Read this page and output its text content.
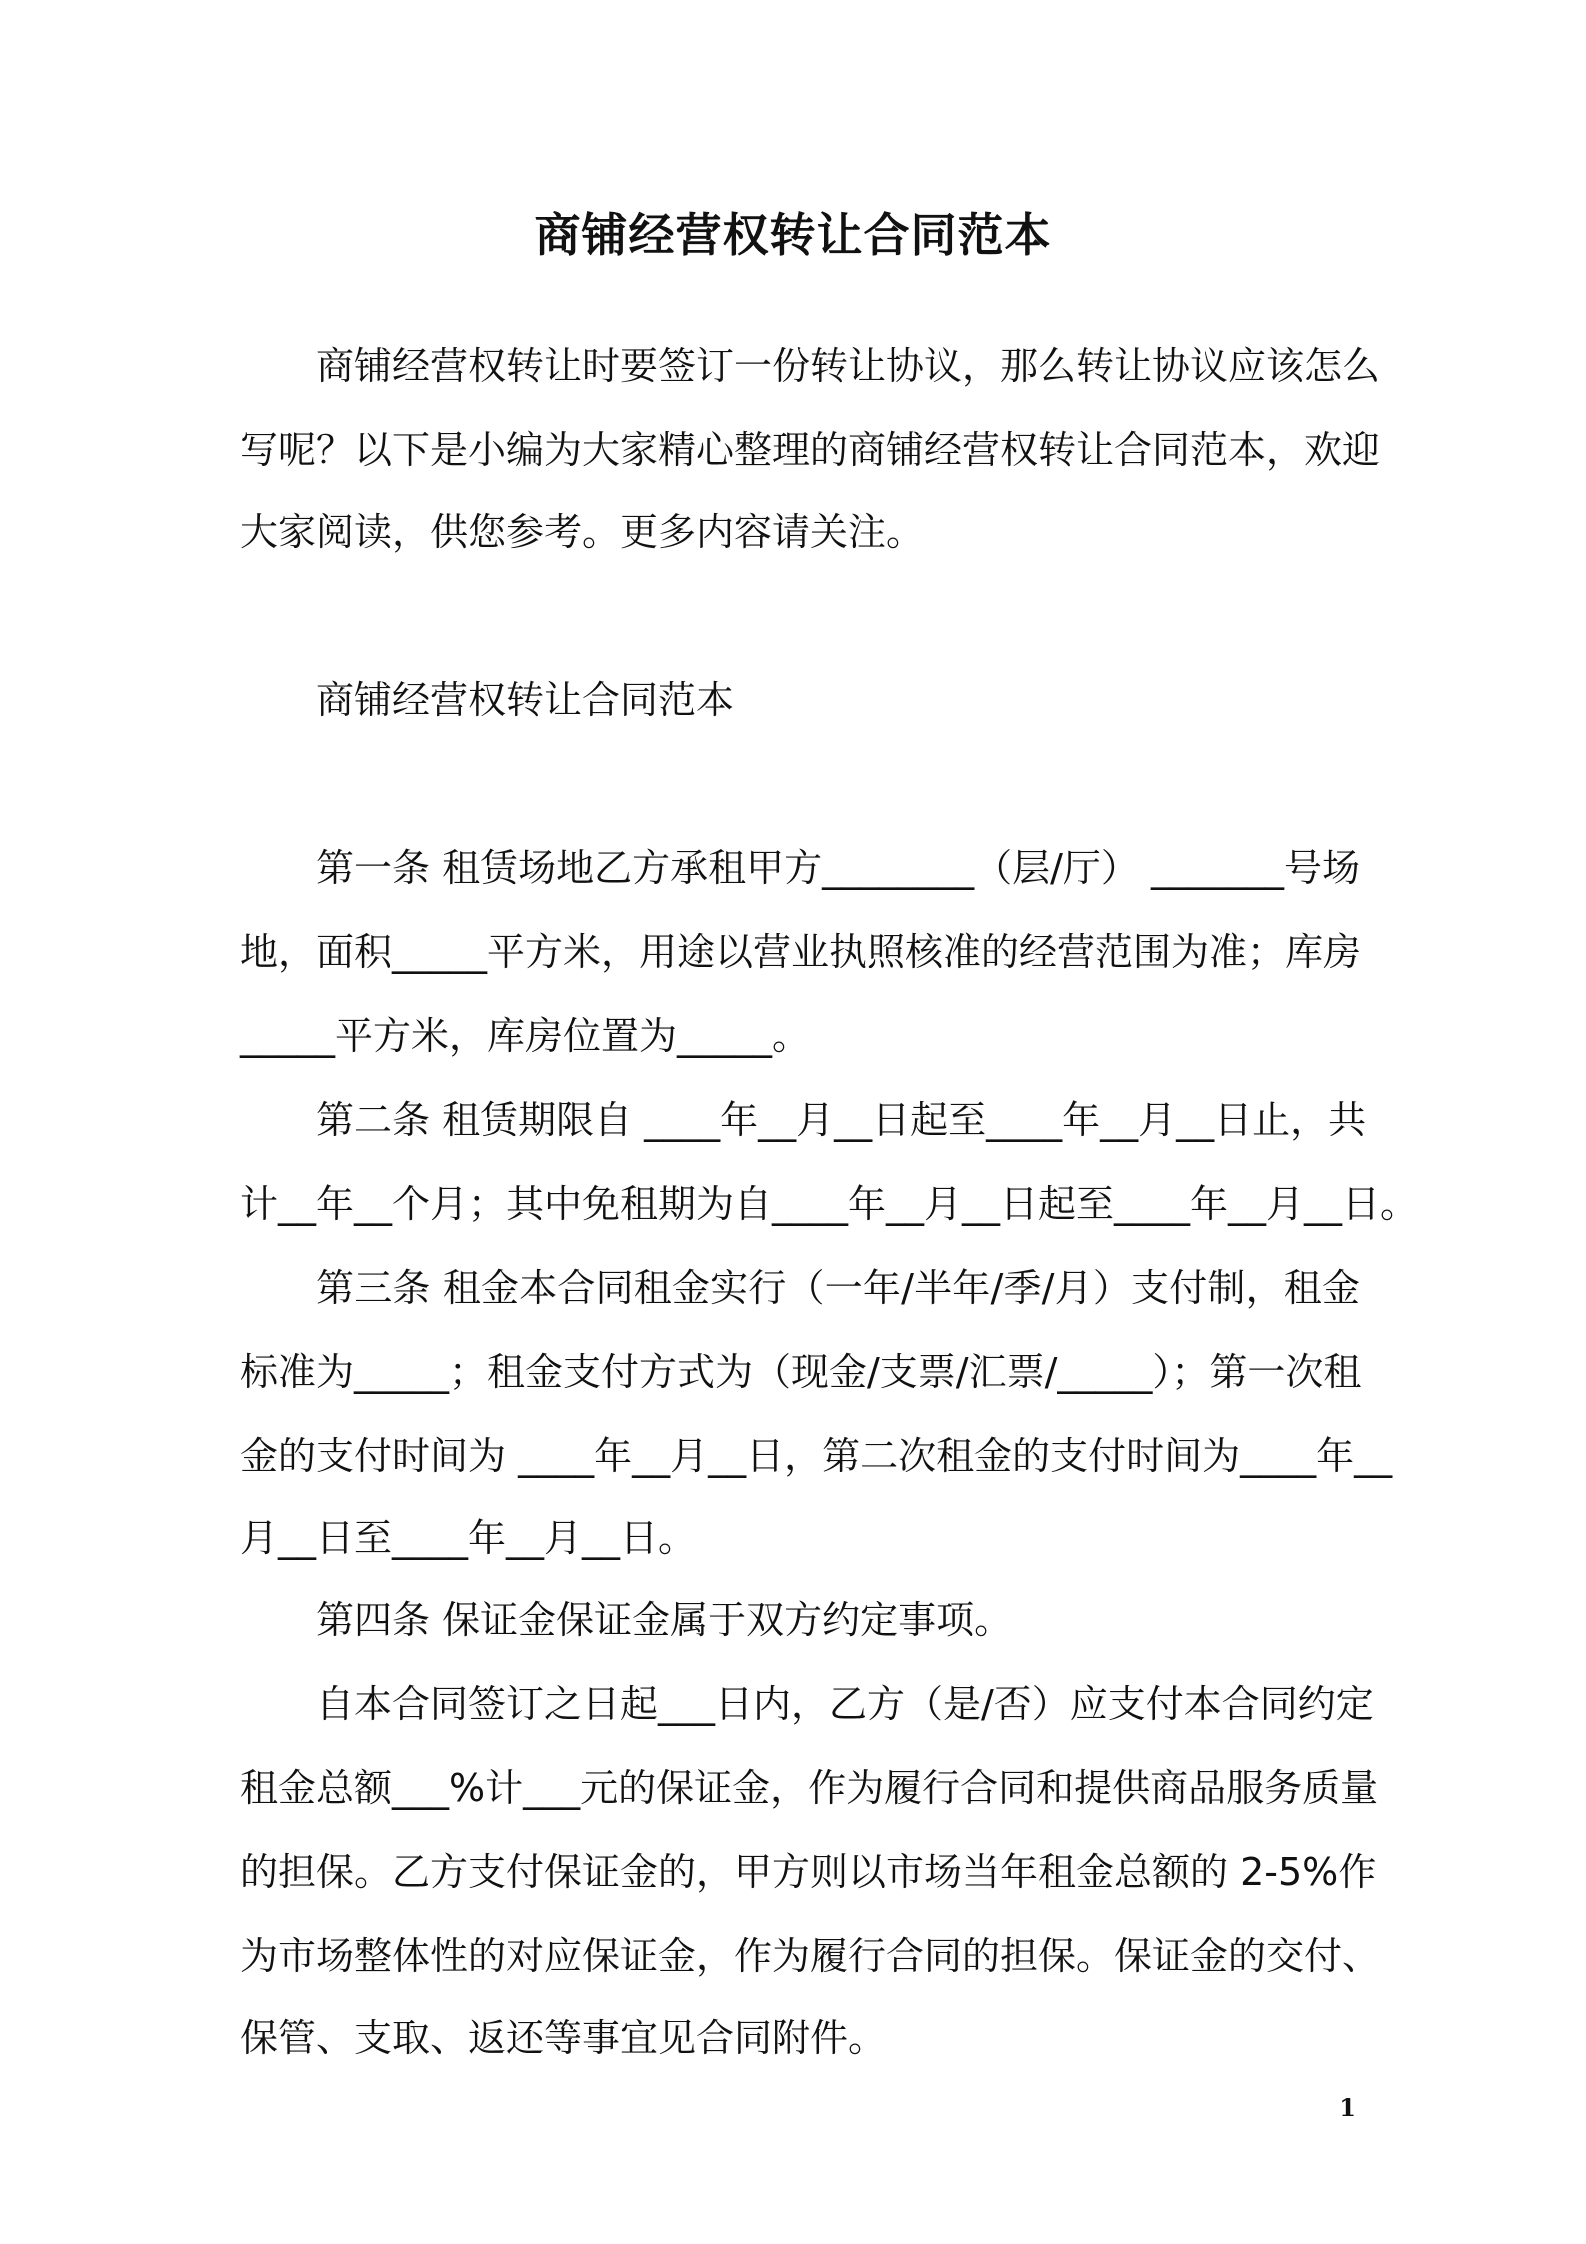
商铺经营权转让合同范本
商铺经营权转让时要签订一份转让协议，那么转让协议应该怎么
写呢？以下是小编为大家精心整理的商铺经营权转让合同范本，欢迎
大家阅读，供您参考。更多内容请关注。
商铺经营权转让合同范本
第一条 租赁场地乙方承租甲方________（层/厅） _______号场
地，面积_____平方米，用途以营业执照核准的经营范围为准；库房
_____平方米，库房位置为_____。
第二条 租赁期限自 ____年__月__日起至____年__月__日止，共
计__年__个月；其中免租期为自____年__月__日起至____年__月__日。
第三条 租金本合同租金实行（一年/半年/季/月）支付制，租金
标准为_____；租金支付方式为（现金/支票/汇票/_____）；第一次租
金的支付时间为 ____年__月__日，第二次租金的支付时间为____年__
月__日至____年__月__日。
第四条 保证金保证金属于双方约定事项。
自本合同签订之日起___日内，乙方（是/否）应支付本合同约定
租金总额___%计___元的保证金，作为履行合同和提供商品服务质量
的担保。乙方支付保证金的，甲方则以市场当年租金总额的 2-5%作
为市场整体性的对应保证金，作为履行合同的担保。保证金的交付、
保管、支取、返还等事宜见合同附件。
1
